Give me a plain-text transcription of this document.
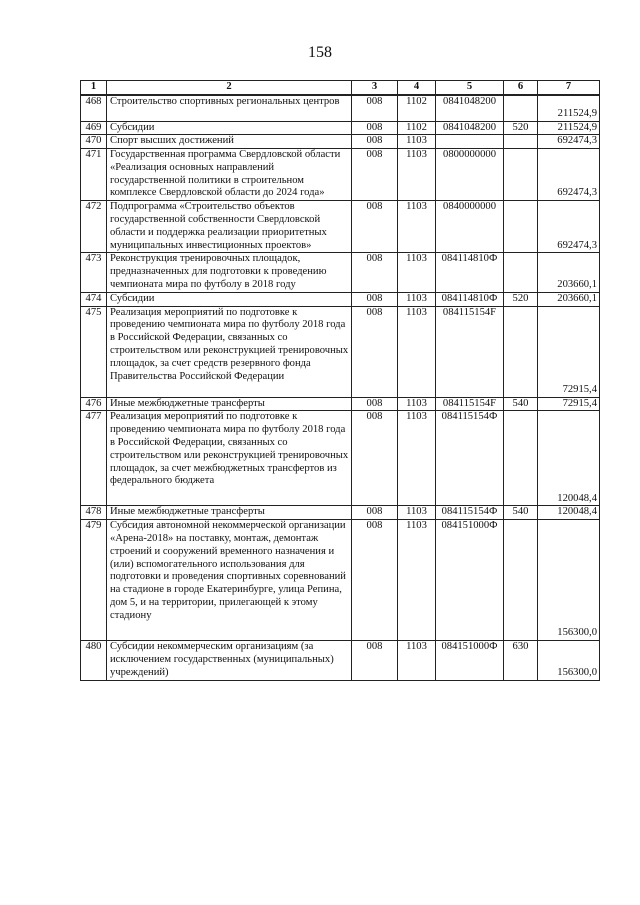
158
1	2	3	4	5	6	7
468	Строительство спортивных региональных центров	008	1102	0841048200		211524,9
469	Субсидии	008	1102	0841048200	520	211524,9
470	Спорт высших достижений	008	1103			692474,3
471	Государственная программа Свердловской области «Реализация основных направлений государственной политики в строительном комплексе Свердловской области до 2024 года»	008	1103	0800000000		692474,3
472	Подпрограмма «Строительство объектов государственной собственности Свердловской области и поддержка реализации приоритетных муниципальных инвестиционных проектов»	008	1103	0840000000		692474,3
473	Реконструкция тренировочных площадок, предназначенных для подготовки к проведению чемпионата мира по футболу в 2018 году	008	1103	084114810Ф		203660,1
474	Субсидии	008	1103	084114810Ф	520	203660,1
475	Реализация мероприятий по подготовке к проведению чемпионата мира по футболу 2018 года в Российской Федерации, связанных со строительством или реконструкцией тренировочных площадок, за счет средств резервного фонда Правительства Российской Федерации	008	1103	084115154F		72915,4
476	Иные межбюджетные трансферты	008	1103	084115154F	540	72915,4
477	Реализация мероприятий по подготовке к проведению чемпионата мира по футболу 2018 года в Российской Федерации, связанных со строительством или реконструкцией тренировочных площадок, за счет межбюджетных трансфертов из федерального бюджета	008	1103	084115154Ф		120048,4
478	Иные межбюджетные трансферты	008	1103	084115154Ф	540	120048,4
479	Субсидия автономной некоммерческой организации «Арена-2018» на поставку, монтаж, демонтаж строений и сооружений временного назначения и (или) вспомогательного использования для подготовки и проведения спортивных соревнований на стадионе в городе Екатеринбурге, улица Репина, дом 5, и на территории, прилегающей к этому стадиону	008	1103	084151000Ф		156300,0
480	Субсидии некоммерческим организациям (за исключением государственных (муниципальных) учреждений)	008	1103	084151000Ф	630	156300,0
